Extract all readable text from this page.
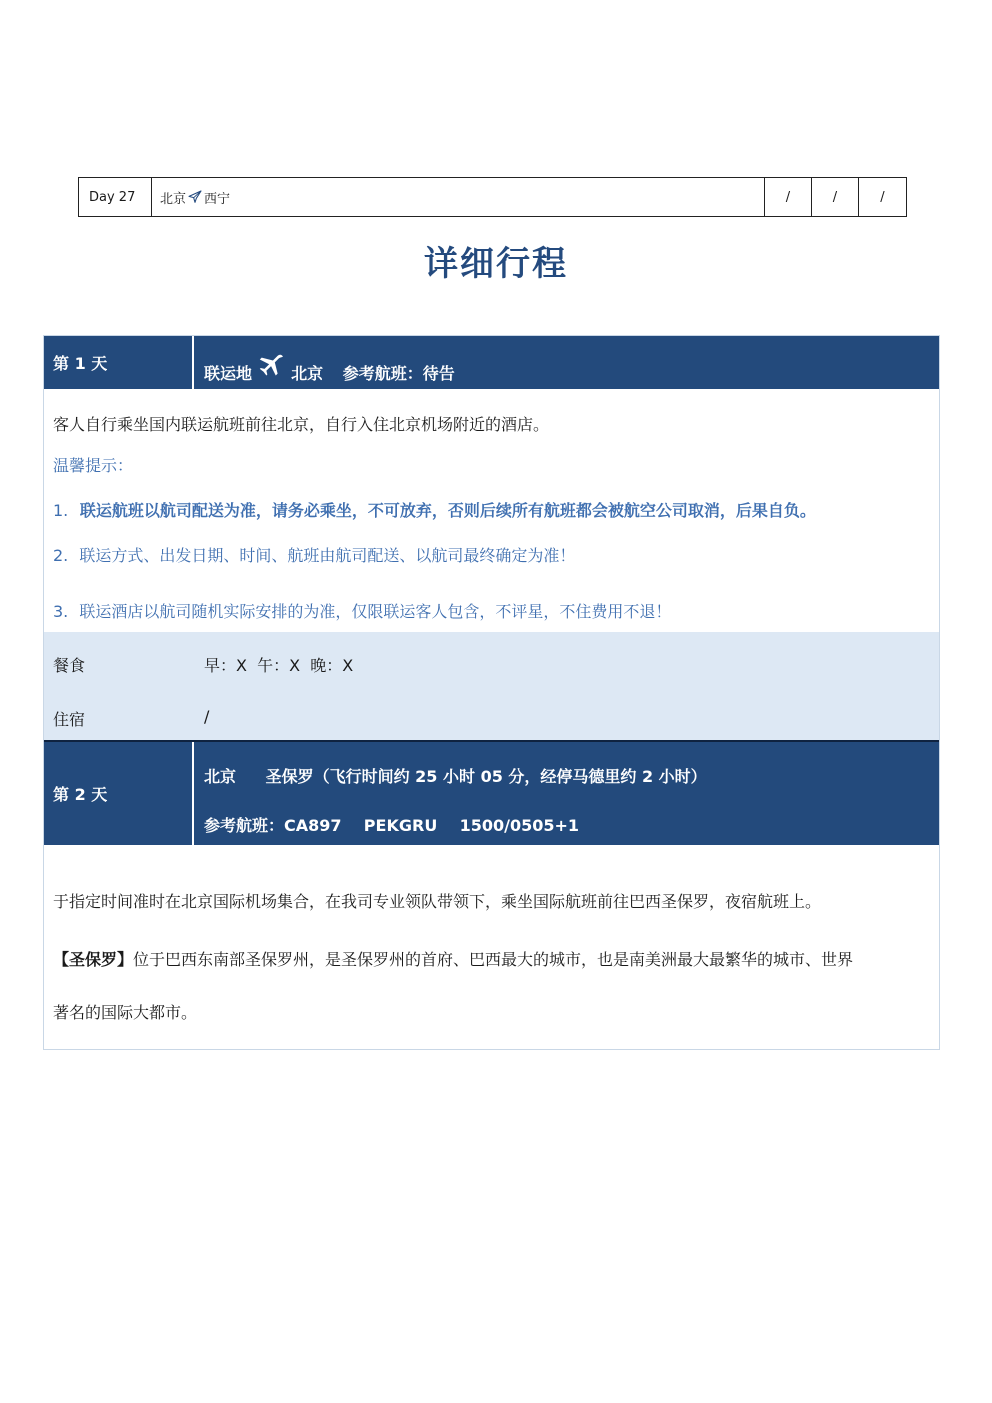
Day 27	北京 西宁	/	/	/
详细行程
第 1 天
联运地 北京 参考航班：待告
客人自行乘坐国内联运航班前往北京，自行入住北京机场附近的酒店。
温馨提示：
1. 联运航班以航司配送为准，请务必乘坐，不可放弃，否则后续所有航班都会被航空公司取消，后果自负。
2. 联运方式、出发日期、时间、航班由航司配送、以航司最终确定为准！
3. 联运酒店以航司随机实际安排的为准，仅限联运客人包含，不评星，不住费用不退！
餐食	早：X  午：X  晚：X
住宿	/
第 2 天
北京 圣保罗（飞行时间约 25 小时 05 分，经停马德里约 2 小时）
参考航班：CA897    PEKGRU    1500/0505+1
于指定时间准时在北京国际机场集合，在我司专业领队带领下，乘坐国际航班前往巴西圣保罗，夜宿航班上。
【圣保罗】位于巴西东南部圣保罗州，是圣保罗州的首府、巴西最大的城市，也是南美洲最大最繁华的城市、世界
著名的国际大都市。
